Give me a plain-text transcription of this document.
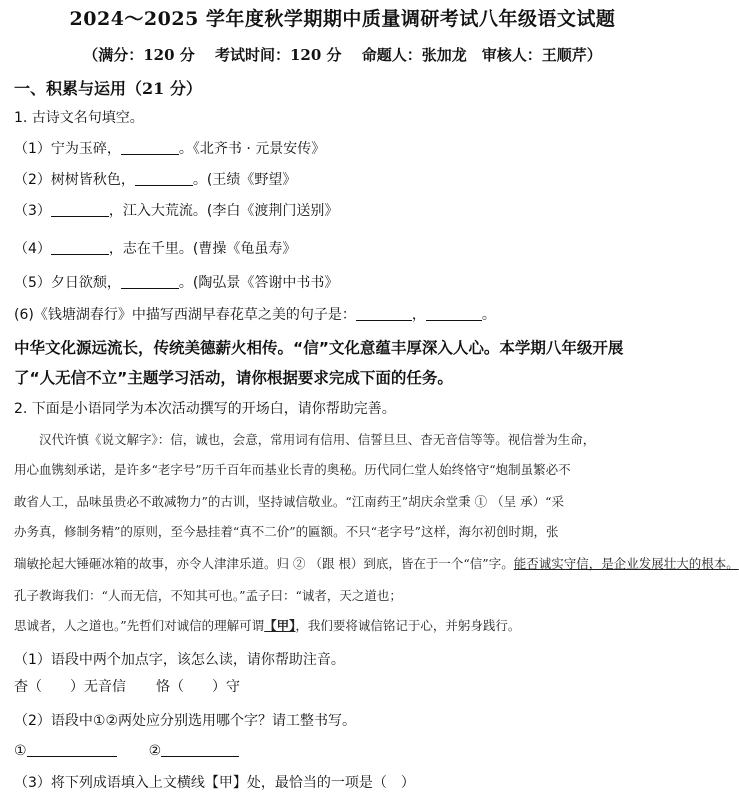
2024～2025 学年度秋学期期中质量调研考试八年级语文试题
（满分：120 分　 考试时间：120 分　 命题人：张加龙　审核人：王顺芹）
一、积累与运用（21 分）
1. 古诗文名句填空。
（1）宁为玉碎，	。《北齐书 · 元景安传》
（2）树树皆秋色，	。(王绩《野望》
（3）	，江入大荒流。(李白《渡荆门送别》
（4）	，志在千里。(曹操《龟虽寿》
（5）夕日欲颓，	。(陶弘景《答谢中书书》
(6)《钱塘湖春行》中描写西湖早春花草之美的句子是：	，	。
中华文化源远流长，传统美德薪火相传。“信”文化意蕴丰厚深入人心。本学期八年级开展
了“人无信不立”主题学习活动，请你根据要求完成下面的任务。
2. 下面是小语同学为本次活动撰写的开场白，请你帮助完善。
　　汉代许慎《说文解字》：信，诚也，会意，常用词有信用、信誓旦旦、杳无音信等等。视信誉为生命，
用心血镌刻承诺，是许多“老字号”历千百年而基业长青的奥秘。历代同仁堂人始终恪守“炮制虽繁必不
敢省人工，品味虽贵必不敢减物力”的古训，坚持诚信敬业。“江南药王”胡庆余堂秉 ① （呈 承）“采
办务真，修制务精”的原则，至今悬挂着“真不二价”的匾额。不只“老字号”这样，海尔初创时期，张
瑞敏抡起大锤砸冰箱的故事，亦令人津津乐道。归 ② （跟 根）到底，皆在于一个“信”字。能否诚实守信，是企业发展壮大的根本。
孔子教诲我们：“人而无信，不知其可也。”孟子曰：“诚者，天之道也；
思诚者，人之道也。”先哲们对诚信的理解可谓【甲】，我们要将诚信铭记于心，并躬身践行。
（1）语段中两个加点字，该怎么读，请你帮助注音。
杳（　　）无音信 恪（　　）守
（2）语段中①②两处应分别选用哪个字？请工整书写。
①	②
（3）将下列成语填入上文横线【甲】处，最恰当的一项是（　）
